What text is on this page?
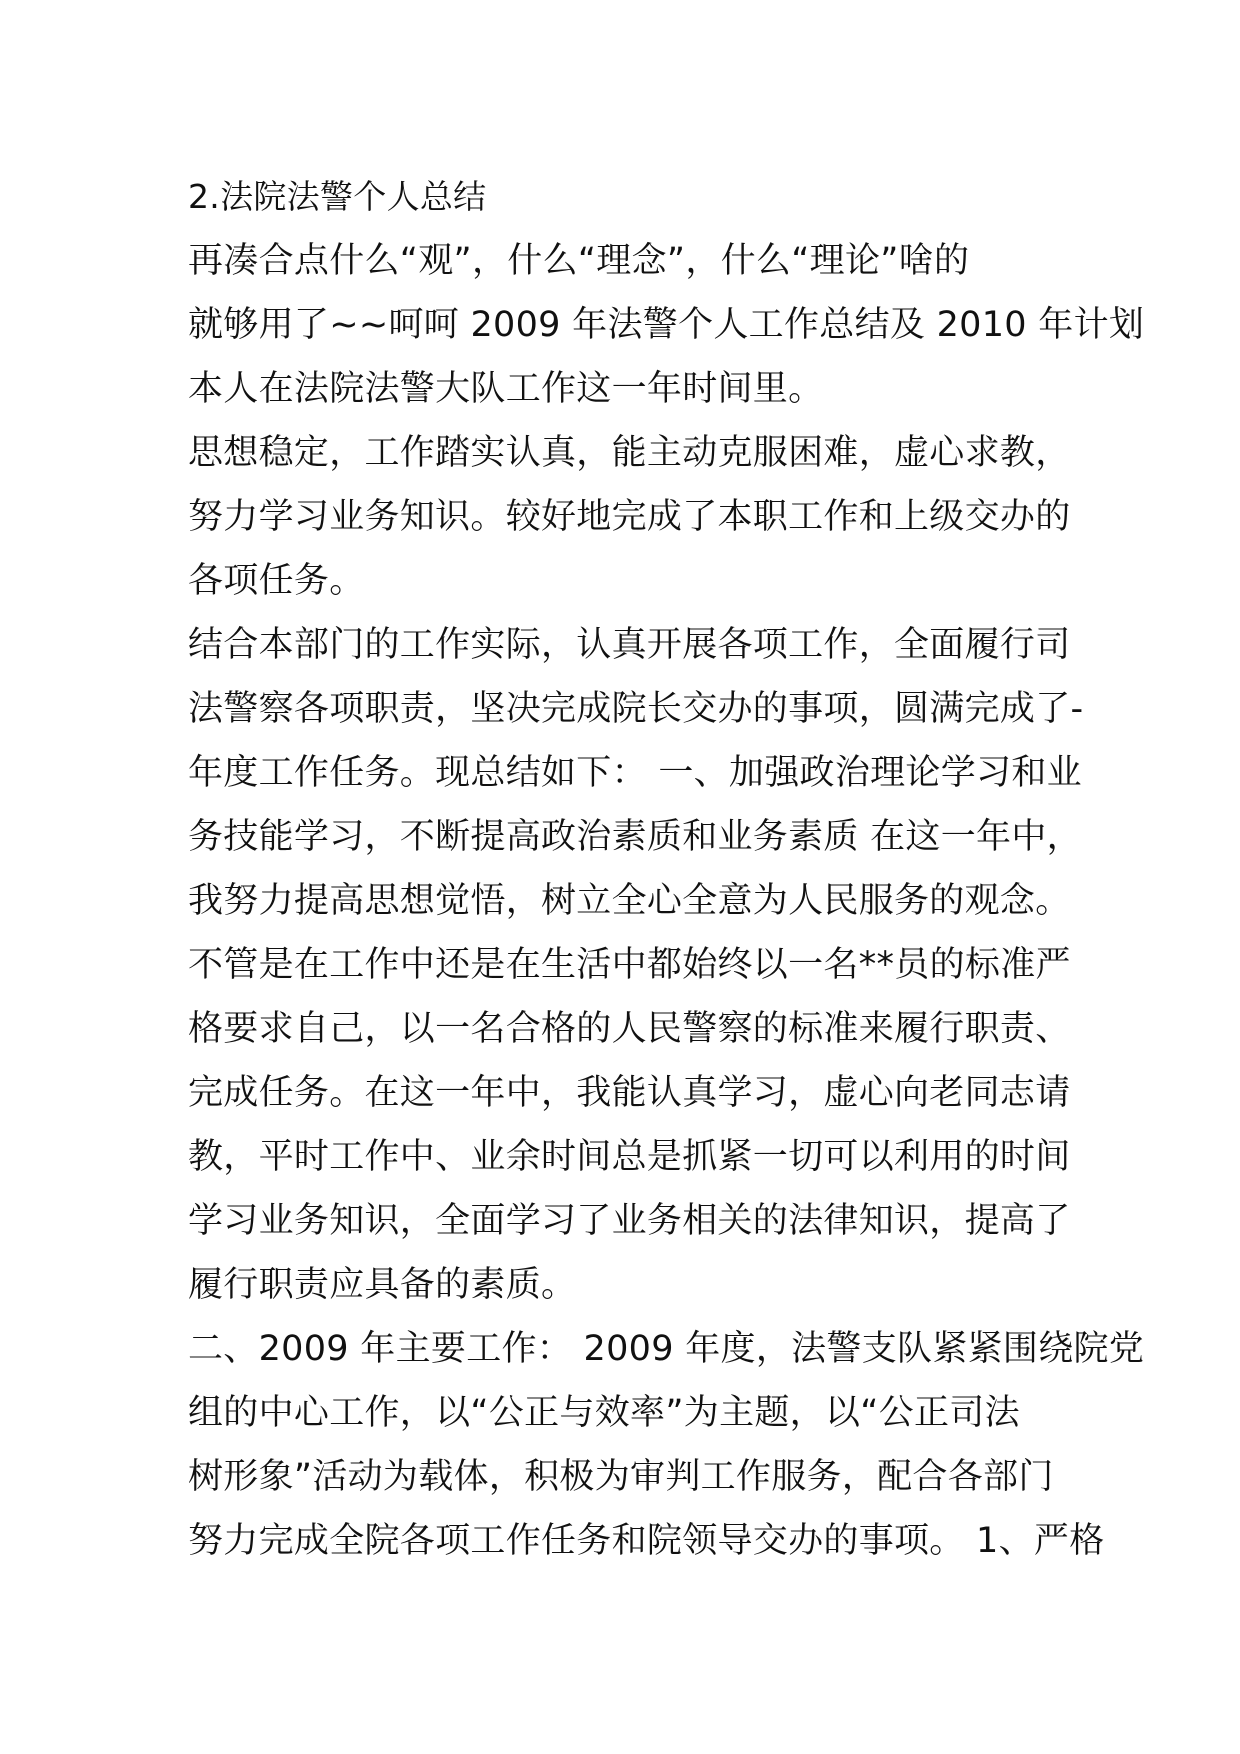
2.法院法警个人总结
再凑合点什么“观”，什么“理念”，什么“理论”啥的
就够用了~~呵呵 2009 年法警个人工作总结及 2010 年计划
本人在法院法警大队工作这一年时间里。
思想稳定，工作踏实认真，能主动克服困难，虚心求教，
努力学习业务知识。较好地完成了本职工作和上级交办的
各项任务。
结合本部门的工作实际，认真开展各项工作，全面履行司
法警察各项职责，坚决完成院长交办的事项，圆满完成了-
年度工作任务。现总结如下： 一、加强政治理论学习和业
务技能学习，不断提高政治素质和业务素质 在这一年中，
我努力提高思想觉悟，树立全心全意为人民服务的观念。
不管是在工作中还是在生活中都始终以一名**员的标准严
格要求自己，以一名合格的人民警察的标准来履行职责、
完成任务。在这一年中，我能认真学习，虚心向老同志请
教，平时工作中、业余时间总是抓紧一切可以利用的时间
学习业务知识，全面学习了业务相关的法律知识，提高了
履行职责应具备的素质。
二、2009 年主要工作： 2009 年度，法警支队紧紧围绕院党
组的中心工作，以“公正与效率”为主题，以“公正司法
树形象”活动为载体，积极为审判工作服务，配合各部门
努力完成全院各项工作任务和院领导交办的事项。 1、严格
